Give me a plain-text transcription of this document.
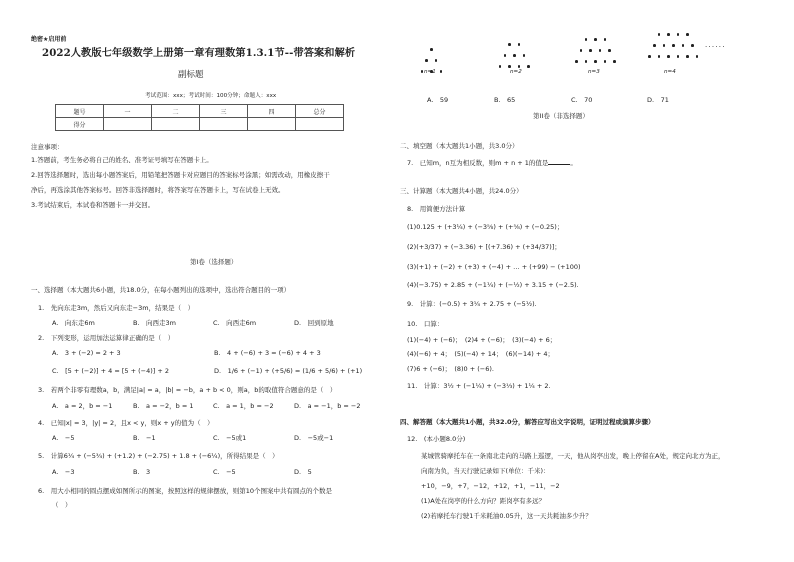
绝密★启用前
2022人教版七年级数学上册第一章有理数第1.3.1节--带答案和解析
副标题
考试范围：xxx；考试时间：100分钟；命题人：xxx
题号	一	二	三	四	总分
得分					
注意事项：
1.答题前，考生务必将自己的姓名、准考证号填写在答题卡上。
2.回答选择题时，选出每小题答案后，用铅笔把答题卡对应题目的答案标号涂黑；如需改动，用橡皮擦干
净后，再选涂其他答案标号。回答非选择题时，将答案写在答题卡上，写在试卷上无效。
3.考试结束后，本试卷和答题卡一并交回。
第I卷（选择题）
一、选择题（本大题共6小题，共18.0分，在每小题列出的选项中，选出符合题目的一项）
1.　先向东走3m，然后又向东走−3m，结果是（　）
A.　向东走6m	B.　向西走3m	C.　向西走6m	D.　回到原地
2.　下列变形，运用加法运算律正确的是（　）
A.　3 + (−2) = 2 + 3	B.　4 + (−6) + 3 = (−6) + 4 + 3
C.　[5 + (−2)] + 4 = [5 + (−4)] + 2	D.　1/6 + (−1) + (+5/6) = (1/6 + 5/6) + (+1)
3.　若两个非零有理数a，b，满足|a| = a，|b| = −b，a + b < 0，则a，b的取值符合题意的是（　）
A.　a = 2，b = −1	B.　a = −2，b = 1	C.　a = 1，b = −2	D.　a = −1，b = −2
4.　已知|x| = 3，|y| = 2，且x < y，则x + y的值为（　）
A.　−5	B.　−1	C.　−5或1	D.　−5或−1
5.　计算6¼ + (−5¾) + (+1.2) + (−2.75) + 1.8 + (−6¼)，所得结果是（　）
A.　−3	B.　3	C.　−5	D.　5
6.　用大小相同的圆点摆成如图所示的图案，按照这样的规律摆放，则第10个图案中共有圆点的个数是
（　）
n=1	n=2	n=3	n=4
· · · · · ·
A.　59	B.　65	C.　70	D.　71
第II卷（非选择题）
二、填空题（本大题共1小题，共3.0分）
7.　已知m，n互为相反数，则m + n + 1的值是	。
三、计算题（本大题共4小题，共24.0分）
8.　用简便方法计算
(1)0.125 + (+3¼) + (−3⅝) + (+⅝) + (−0.25)；
(2)(+3/37) + (−3.36) + [(+7.36) + (+34/37)]；
(3)(+1) + (−2) + (+3) + (−4) + … + (+99) − (+100)
(4)(−3.75) + 2.85 + (−1¼) + (−½) + 3.15 + (−2.5).
9.　计算：(−0.5) + 3¼ + 2.75 + (−5½).
10.　口算：
(1)(−4) + (−6)；　(2)4 + (−6)；　(3)(−4) + 6；
(4)(−6) + 4；　(5)(−4) + 14；　(6)(−14) + 4；
(7)6 + (−6)；　(8)0 + (−6).
11.　计算：3½ + (−1¼) + (−3⅓) + 1¼ + 2.
四、解答题（本大题共1小题，共32.0分，解答应写出文字说明，证明过程或演算步骤）
12.　(本小题8.0分)
某城管骑摩托车在一条南北走向的马路上巡逻，一天，他从岗亭出发，晚上停留在A处，规定向北方为正，
向南为负，当天行驶记录如下(单位：千米)：
+10，−9，+7，−12，+12，+1，−11，−2
(1)A处在岗亭的什么方向？距岗亭有多远？
(2)若摩托车行驶1千米耗油0.05升，这一天共耗油多少升？
